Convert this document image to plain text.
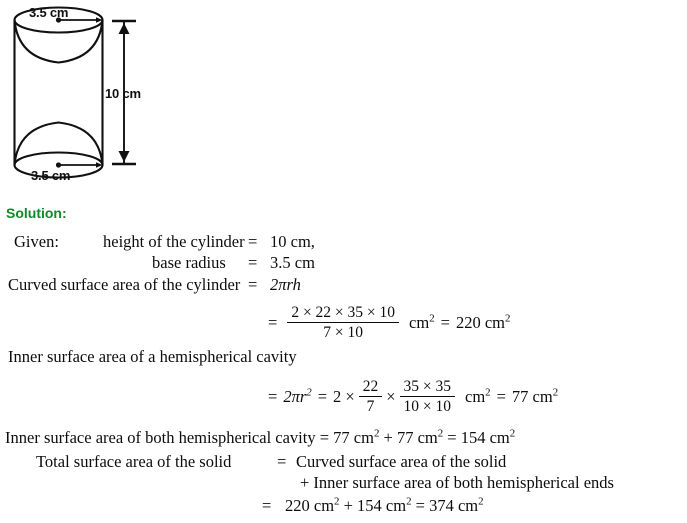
3.5 cm
3.5 cm
10 cm
Solution:
Given:	height of the cylinder = 10 cm,
base radius = 3.5 cm
Curved surface area of the cylinder = 2πrh
= $\frac{2 \times 22 \times 35 \times 10}{7 \times 10} cm^2 = 220$ $cm^2$
Inner surface area of a hemispherical cavity
= $2\pi r^2 = 2 \times \frac{22}{7} \times \frac{35 \times 35}{10 \times 10} cm^2 = 77$ $cm^2$
Inner surface area of both hemispherical cavity = 77 $cm^2 + 77$ $cm^2 = 154$ $cm^2$
Total surface area of the solid	= Curved surface area of the solid
+ Inner surface area of both hemispherical ends
= 220 $cm^2 + 154$ $cm^2 = 374$ $cm^2$
